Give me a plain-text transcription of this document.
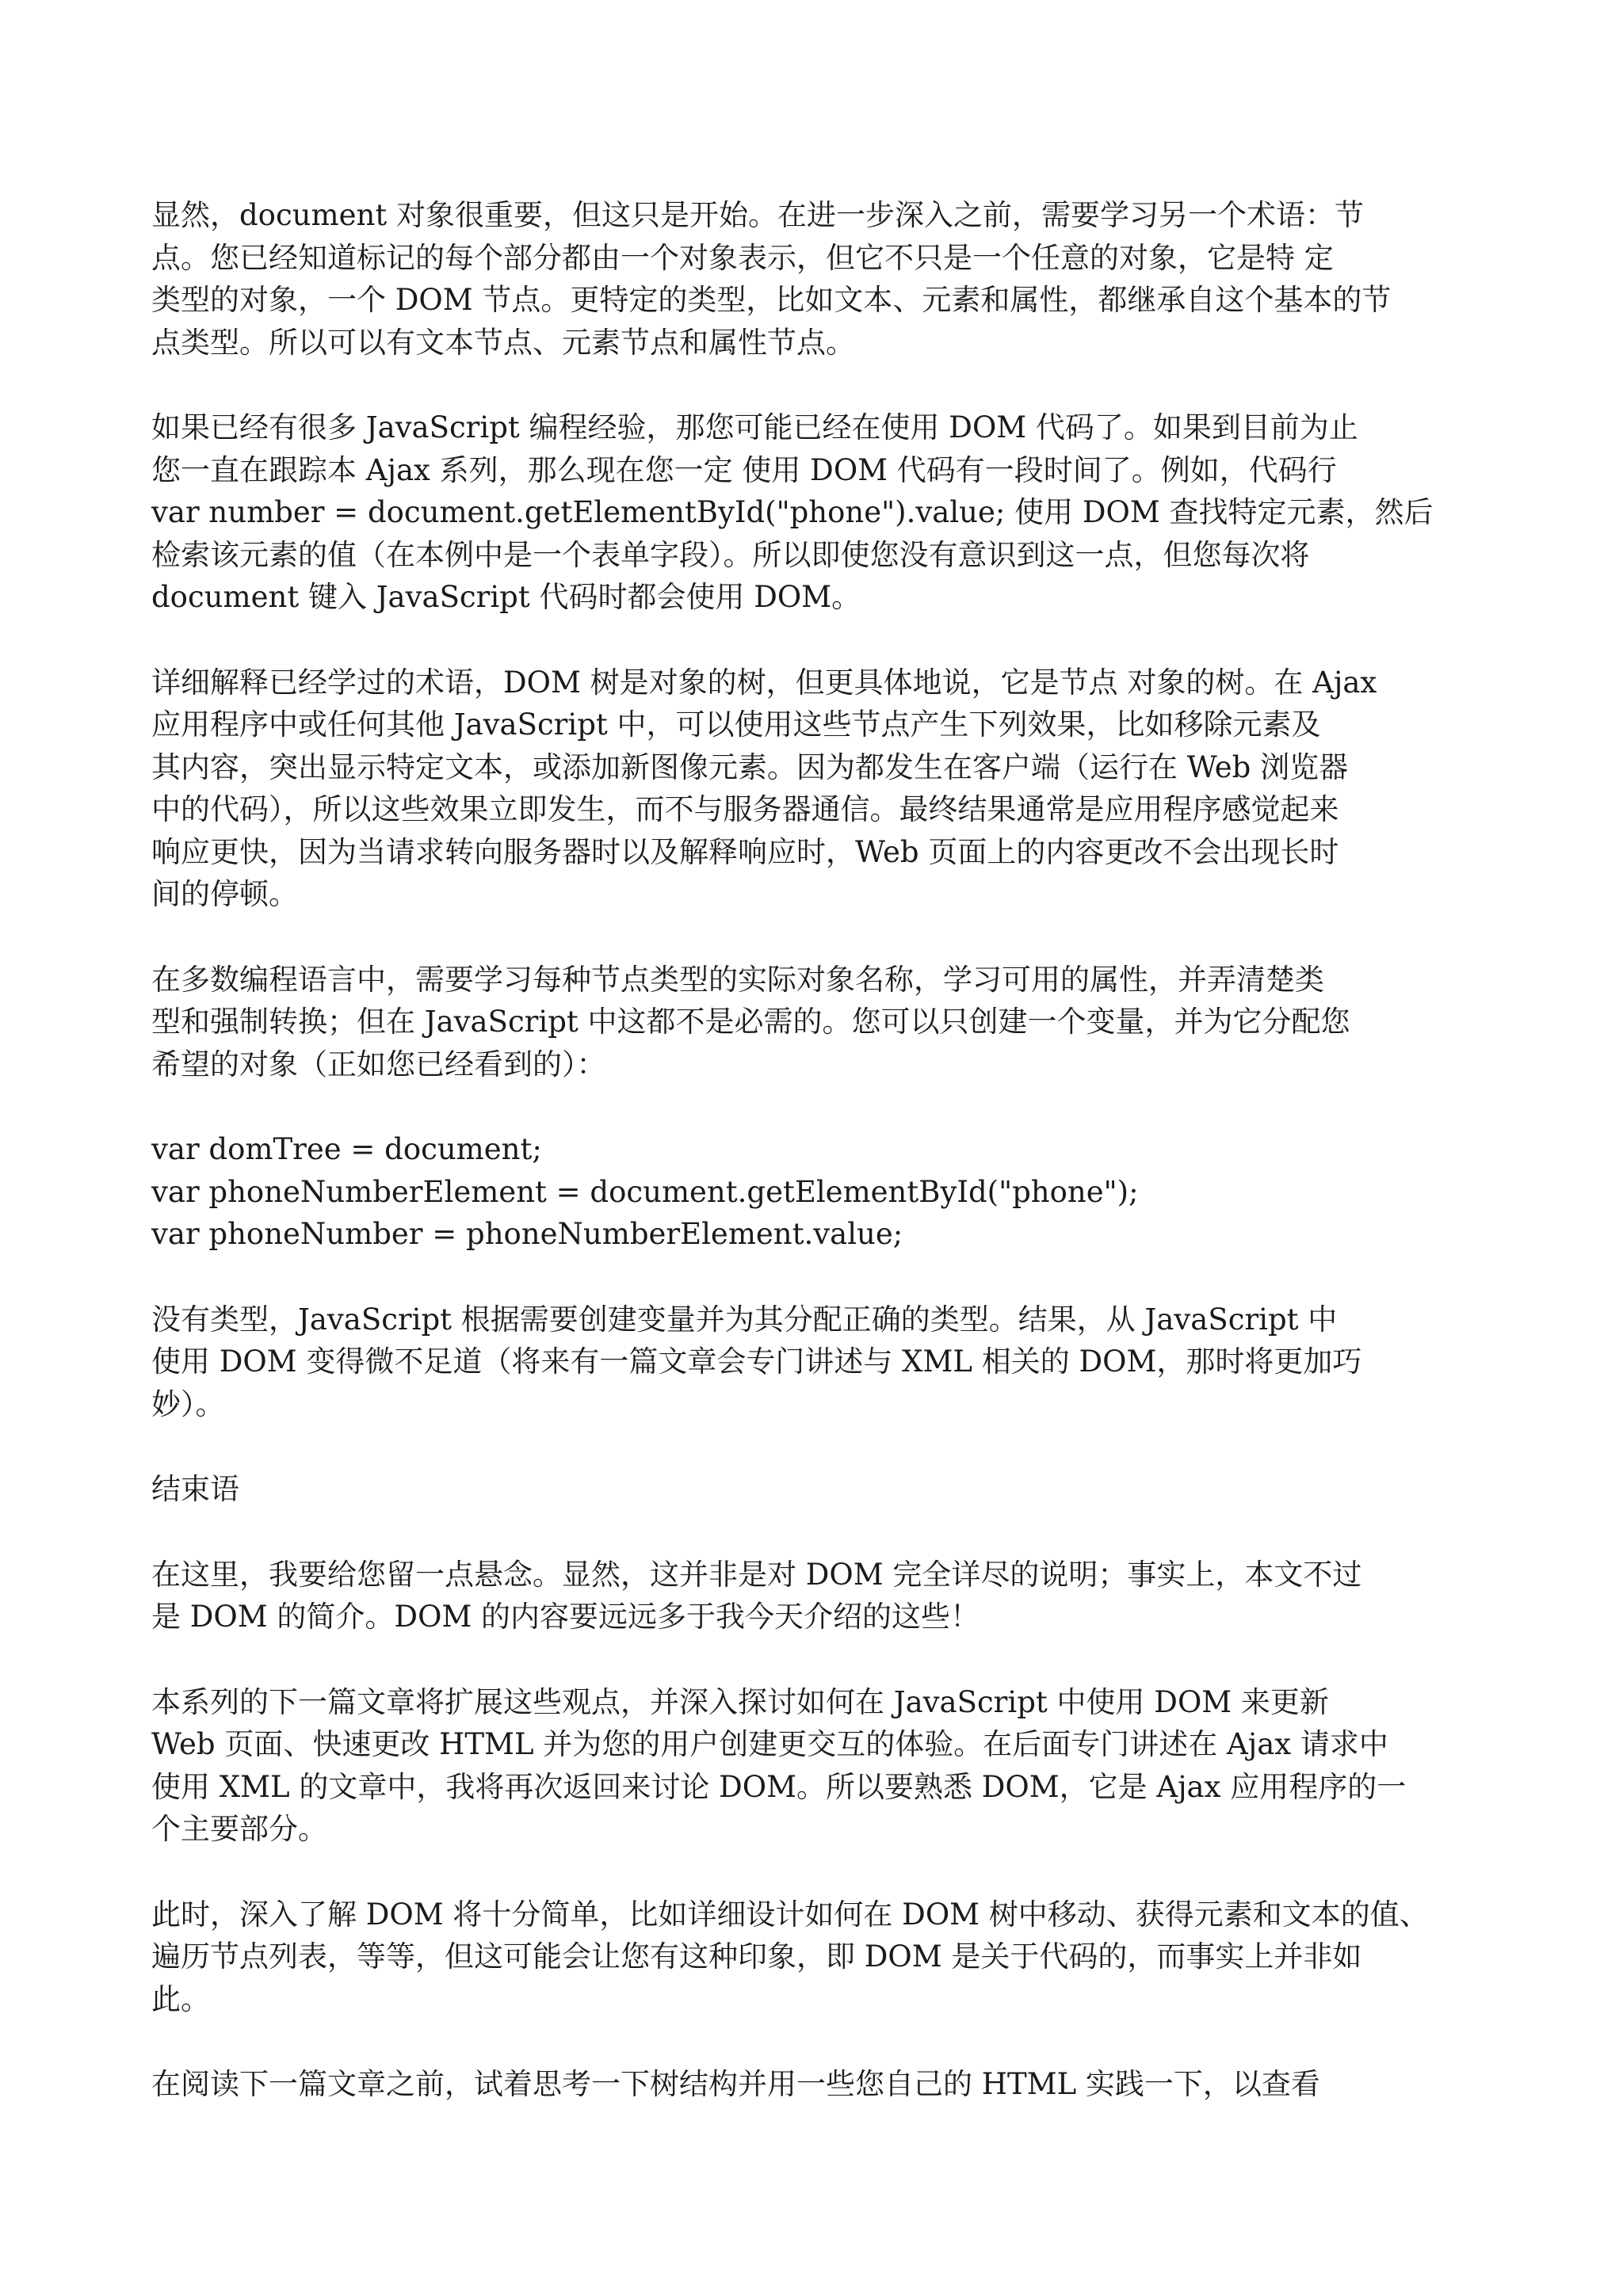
显然，document 对象很重要，但这只是开始。在进一步深入之前，需要学习另一个术语：节
点。您已经知道标记的每个部分都由一个对象表示，但它不只是一个任意的对象，它是特 定
类型的对象，一个 DOM 节点。更特定的类型，比如文本、元素和属性，都继承自这个基本的节
点类型。所以可以有文本节点、元素节点和属性节点。

如果已经有很多 JavaScript 编程经验，那您可能已经在使用 DOM 代码了。如果到目前为止
您一直在跟踪本 Ajax 系列，那么现在您一定 使用 DOM 代码有一段时间了。例如，代码行
var number = document.getElementById("phone").value; 使用 DOM 查找特定元素，然后
检索该元素的值（在本例中是一个表单字段）。所以即使您没有意识到这一点，但您每次将
document 键入 JavaScript 代码时都会使用 DOM。

详细解释已经学过的术语，DOM 树是对象的树，但更具体地说，它是节点 对象的树。在 Ajax
应用程序中或任何其他 JavaScript 中，可以使用这些节点产生下列效果，比如移除元素及
其内容，突出显示特定文本，或添加新图像元素。因为都发生在客户端（运行在 Web 浏览器
中的代码），所以这些效果立即发生，而不与服务器通信。最终结果通常是应用程序感觉起来
响应更快，因为当请求转向服务器时以及解释响应时，Web 页面上的内容更改不会出现长时
间的停顿。

在多数编程语言中，需要学习每种节点类型的实际对象名称，学习可用的属性，并弄清楚类
型和强制转换；但在 JavaScript 中这都不是必需的。您可以只创建一个变量，并为它分配您
希望的对象（正如您已经看到的）：

var domTree = document;
var phoneNumberElement = document.getElementById("phone");
var phoneNumber = phoneNumberElement.value;

没有类型，JavaScript 根据需要创建变量并为其分配正确的类型。结果，从 JavaScript 中
使用 DOM 变得微不足道（将来有一篇文章会专门讲述与 XML 相关的 DOM，那时将更加巧
妙）。

结束语

在这里，我要给您留一点悬念。显然，这并非是对 DOM 完全详尽的说明；事实上，本文不过
是 DOM 的简介。DOM 的内容要远远多于我今天介绍的这些！

本系列的下一篇文章将扩展这些观点，并深入探讨如何在 JavaScript 中使用 DOM 来更新
Web 页面、快速更改 HTML 并为您的用户创建更交互的体验。在后面专门讲述在 Ajax 请求中
使用 XML 的文章中，我将再次返回来讨论 DOM。所以要熟悉 DOM，它是 Ajax 应用程序的一
个主要部分。

此时，深入了解 DOM 将十分简单，比如详细设计如何在 DOM 树中移动、获得元素和文本的值、
遍历节点列表，等等，但这可能会让您有这种印象，即 DOM 是关于代码的，而事实上并非如
此。

在阅读下一篇文章之前，试着思考一下树结构并用一些您自己的 HTML 实践一下，以查看
